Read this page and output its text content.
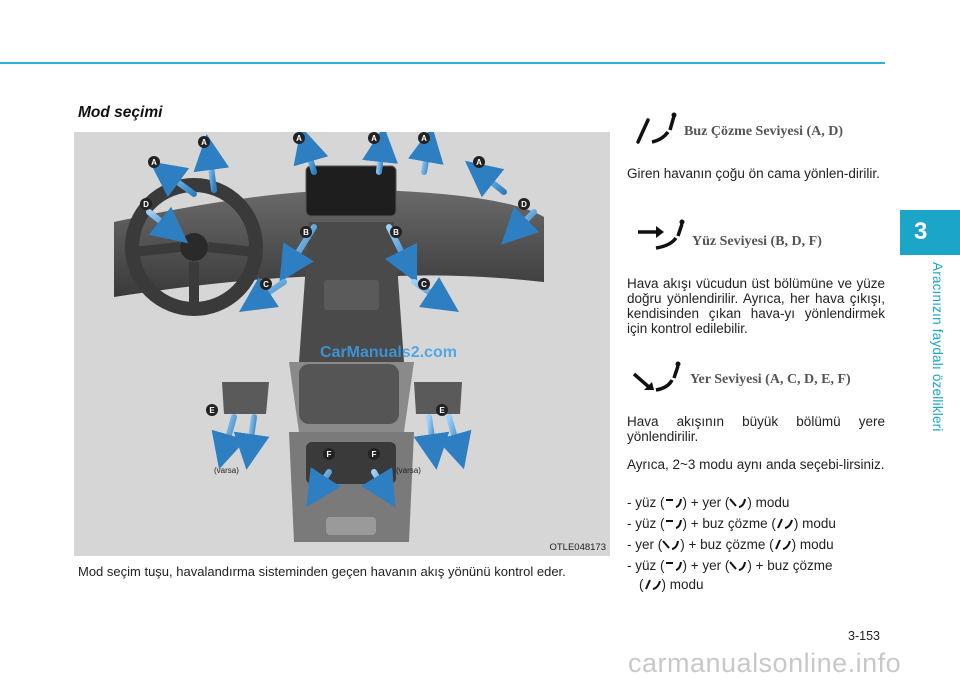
3
Aracınızın faydalı özellikleri
Mod seçimi
A
A
A	A	A
A
D	D
B	B
C	C
E	E
F	F
CarManuals2.com
(varsa)	(varsa)
OTLE048173
Mod seçim tuşu, havalandırma sisteminden geçen havanın akış yönünü kontrol eder.
Buz Çözme Seviyesi (A, D)
Giren havanın çoğu ön cama yönlen-dirilir.
Yüz Seviyesi (B, D, F)
Hava akışı vücudun üst bölümüne ve yüze doğru yönlendirilir. Ayrıca, her hava çıkışı, kendisinden çıkan hava-yı yönlendirmek için kontrol edilebilir.
Yer Seviyesi (A, C, D, E, F)
Hava akışının büyük bölümü yere yönlendirilir.
Ayrıca, 2~3 modu aynı anda seçebi-lirsiniz.
- yüz ( ) + yer ( ) modu
- yüz ( ) + buz çözme ( ) modu
- yer ( ) + buz çözme ( ) modu
- yüz ( ) + yer ( ) + buz çözme
( ) modu
3-153
carmanualsonline.info
